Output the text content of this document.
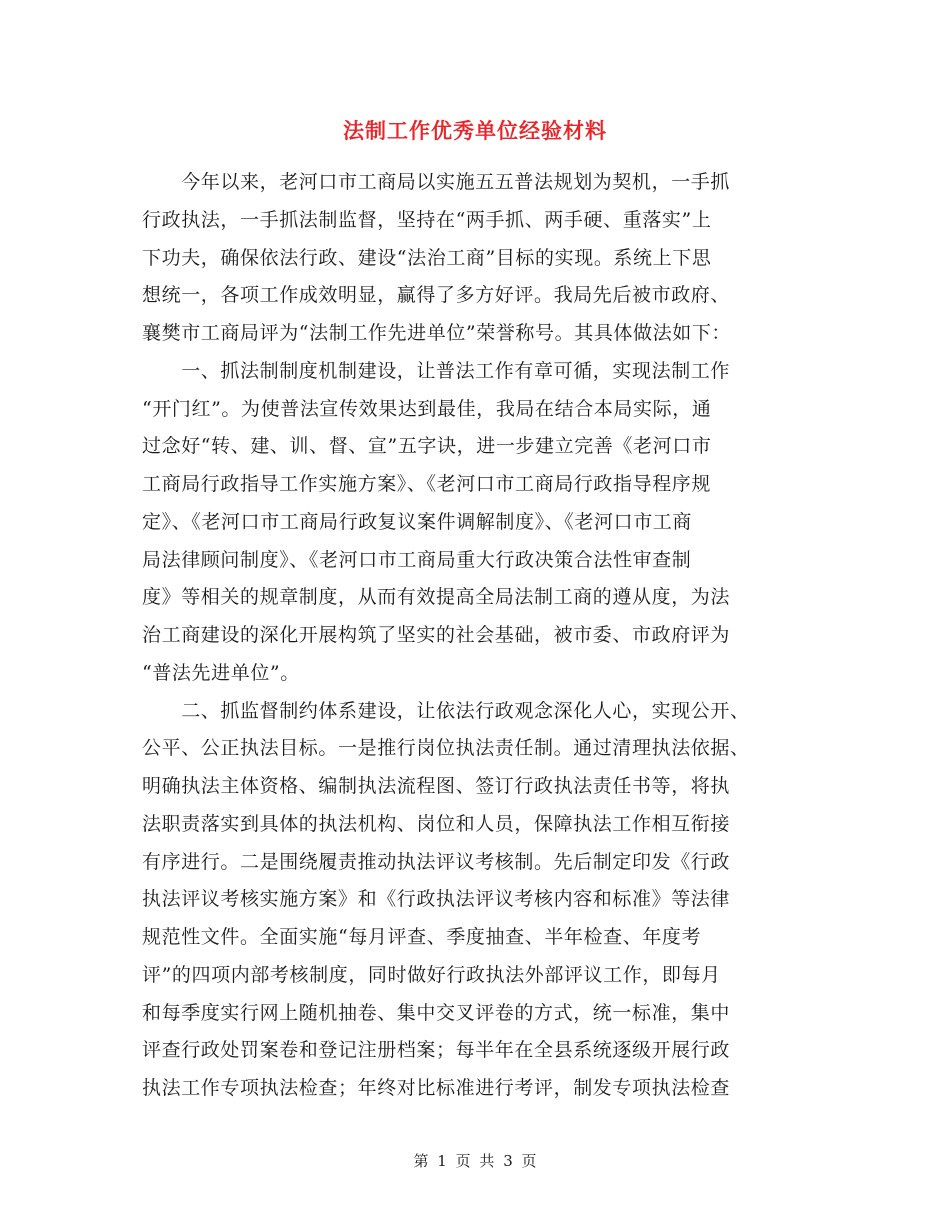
法制工作优秀单位经验材料
　　今年以来，老河口市工商局以实施五五普法规划为契机，一手抓
行政执法，一手抓法制监督，坚持在“两手抓、两手硬、重落实”上
下功夫，确保依法行政、建设“法治工商”目标的实现。系统上下思
想统一，各项工作成效明显，赢得了多方好评。我局先后被市政府、
襄樊市工商局评为“法制工作先进单位”荣誉称号。其具体做法如下：
　　一、抓法制制度机制建设，让普法工作有章可循，实现法制工作
“开门红”。为使普法宣传效果达到最佳，我局在结合本局实际，通
过念好“转、建、训、督、宣”五字诀，进一步建立完善《老河口市
工商局行政指导工作实施方案》、《老河口市工商局行政指导程序规
定》、《老河口市工商局行政复议案件调解制度》、《老河口市工商
局法律顾问制度》、《老河口市工商局重大行政决策合法性审查制
度》等相关的规章制度，从而有效提高全局法制工商的遵从度，为法
治工商建设的深化开展构筑了坚实的社会基础，被市委、市政府评为
“普法先进单位”。
　　二、抓监督制约体系建设，让依法行政观念深化人心，实现公开、
公平、公正执法目标。一是推行岗位执法责任制。通过清理执法依据、
明确执法主体资格、编制执法流程图、签订行政执法责任书等，将执
法职责落实到具体的执法机构、岗位和人员，保障执法工作相互衔接
有序进行。二是围绕履责推动执法评议考核制。先后制定印发《行政
执法评议考核实施方案》和《行政执法评议考核内容和标准》等法律
规范性文件。全面实施“每月评查、季度抽查、半年检查、年度考
评”的四项内部考核制度，同时做好行政执法外部评议工作，即每月
和每季度实行网上随机抽卷、集中交叉评卷的方式，统一标准，集中
评查行政处罚案卷和登记注册档案；每半年在全县系统逐级开展行政
执法工作专项执法检查；年终对比标准进行考评，制发专项执法检查
第 1 页 共 3 页
